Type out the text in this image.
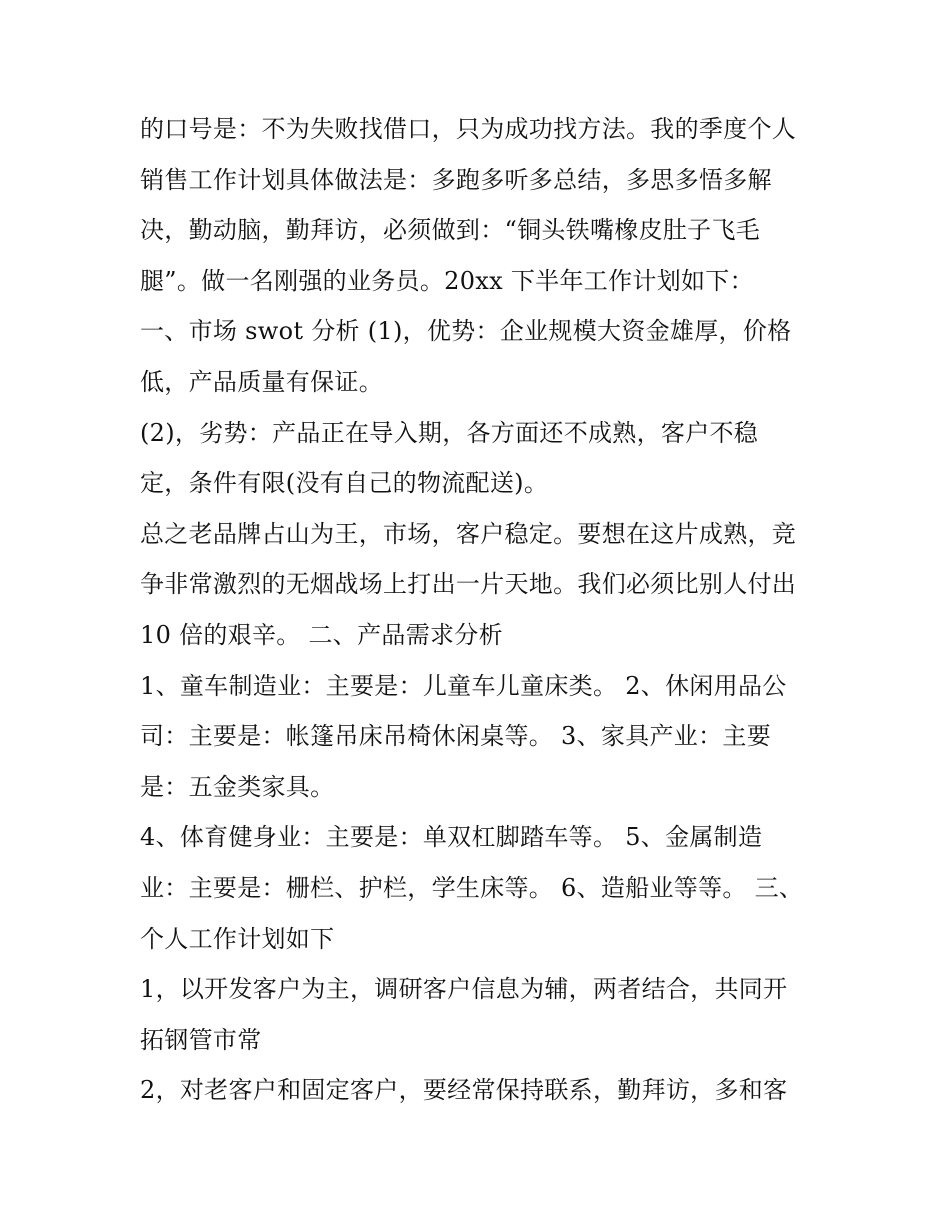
的口号是：不为失败找借口，只为成功找方法。我的季度个人
销售工作计划具体做法是：多跑多听多总结，多思多悟多解
决，勤动脑，勤拜访，必须做到：“铜头铁嘴橡皮肚子飞毛
腿”。做一名刚强的业务员。20xx 下半年工作计划如下：
一、市场 swot 分析 (1)，优势：企业规模大资金雄厚，价格
低，产品质量有保证。
(2)，劣势：产品正在导入期，各方面还不成熟，客户不稳
定，条件有限(没有自己的物流配送)。
总之老品牌占山为王，市场，客户稳定。要想在这片成熟，竞
争非常激烈的无烟战场上打出一片天地。我们必须比别人付出
10 倍的艰辛。 二、产品需求分析
1、童车制造业：主要是：儿童车儿童床类。 2、休闲用品公
司：主要是：帐篷吊床吊椅休闲桌等。 3、家具产业：主要
是：五金类家具。
4、体育健身业：主要是：单双杠脚踏车等。 5、金属制造
业：主要是：栅栏、护栏，学生床等。 6、造船业等等。 三、
个人工作计划如下
1，以开发客户为主，调研客户信息为辅，两者结合，共同开
拓钢管市常
2，对老客户和固定客户，要经常保持联系，勤拜访，多和客
